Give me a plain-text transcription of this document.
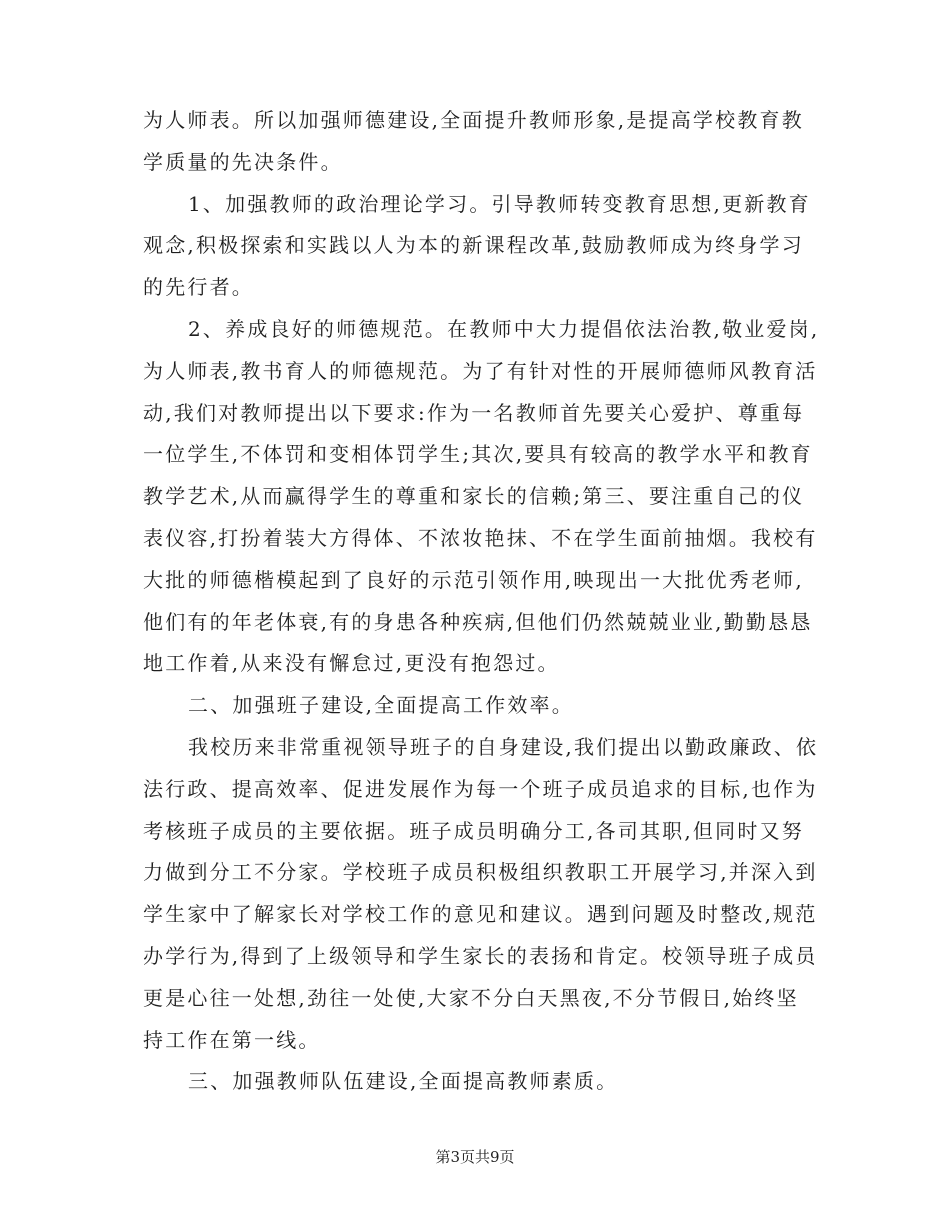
为人师表。所以加强师德建设,全面提升教师形象,是提高学校教育教
学质量的先决条件。
1、加强教师的政治理论学习。引导教师转变教育思想,更新教育
观念,积极探索和实践以人为本的新课程改革,鼓励教师成为终身学习
的先行者。
2、养成良好的师德规范。在教师中大力提倡依法治教,敬业爱岗,
为人师表,教书育人的师德规范。为了有针对性的开展师德师风教育活
动,我们对教师提出以下要求:作为一名教师首先要关心爱护、尊重每
一位学生,不体罚和变相体罚学生;其次,要具有较高的教学水平和教育
教学艺术,从而赢得学生的尊重和家长的信赖;第三、要注重自己的仪
表仪容,打扮着装大方得体、不浓妆艳抹、不在学生面前抽烟。我校有
大批的师德楷模起到了良好的示范引领作用,映现出一大批优秀老师,
他们有的年老体衰,有的身患各种疾病,但他们仍然兢兢业业,勤勤恳恳
地工作着,从来没有懈怠过,更没有抱怨过。
二、加强班子建设,全面提高工作效率。
我校历来非常重视领导班子的自身建设,我们提出以勤政廉政、依
法行政、提高效率、促进发展作为每一个班子成员追求的目标,也作为
考核班子成员的主要依据。班子成员明确分工,各司其职,但同时又努
力做到分工不分家。学校班子成员积极组织教职工开展学习,并深入到
学生家中了解家长对学校工作的意见和建议。遇到问题及时整改,规范
办学行为,得到了上级领导和学生家长的表扬和肯定。校领导班子成员
更是心往一处想,劲往一处使,大家不分白天黑夜,不分节假日,始终坚
持工作在第一线。
三、加强教师队伍建设,全面提高教师素质。
第3页共9页
